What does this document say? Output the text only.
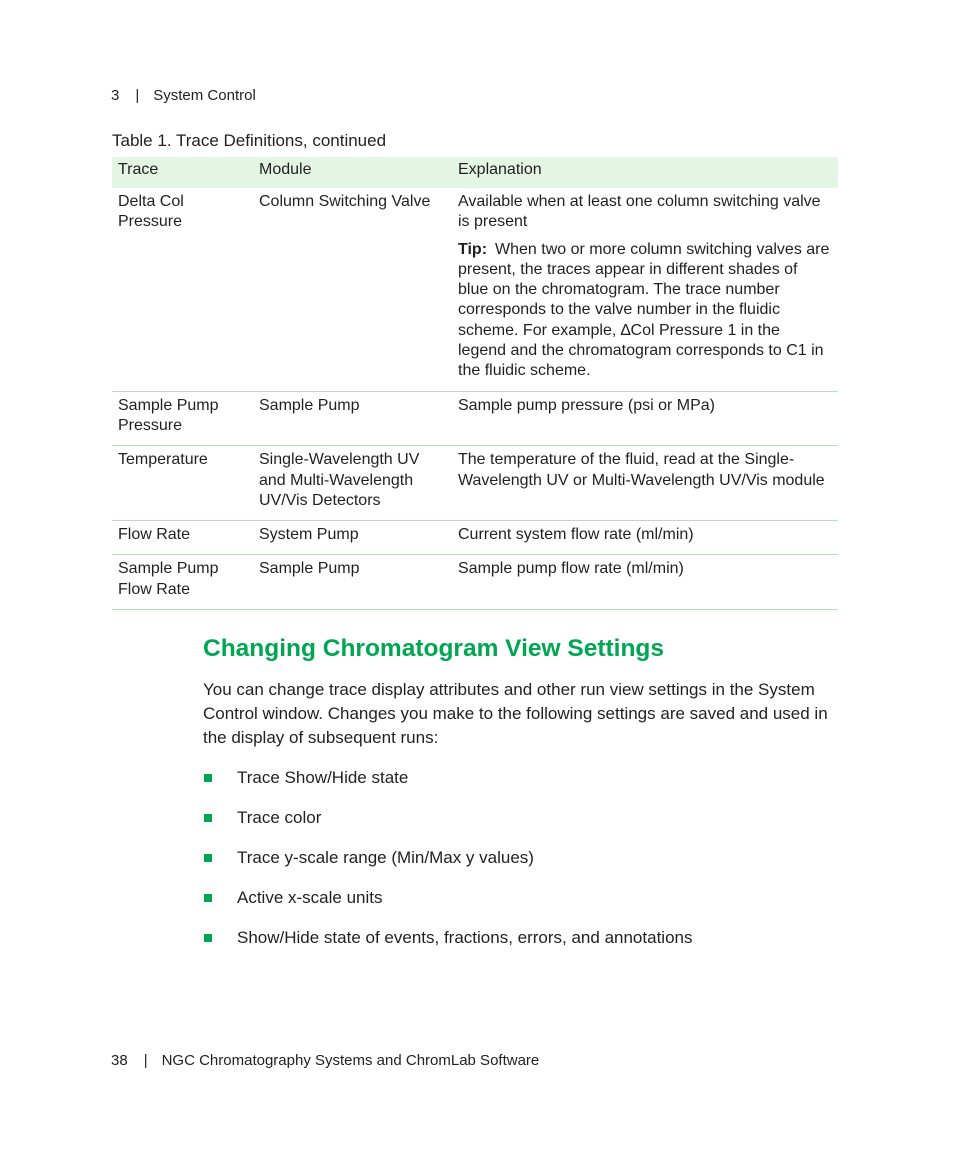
3 | System Control
Table 1. Trace Definitions, continued
Trace	Module	Explanation
Delta Col Pressure	Column Switching Valve	Available when at least one column switching valve is present

Tip: When two or more column switching valves are present, the traces appear in different shades of blue on the chromatogram. The trace number corresponds to the valve number in the fluidic scheme. For example, ∆Col Pressure 1 in the legend and the chromatogram corresponds to C1 in the fluidic scheme.

Sample Pump Pressure	Sample Pump	Sample pump pressure (psi or MPa)
Temperature	Single-Wavelength UV and Multi-Wavelength UV/Vis Detectors	The temperature of the fluid, read at the Single-Wavelength UV or Multi-Wavelength UV/Vis module
Flow Rate	System Pump	Current system flow rate (ml/min)
Sample Pump Flow Rate	Sample Pump	Sample pump flow rate (ml/min)
Changing Chromatogram View Settings

You can change trace display attributes and other run view settings in the System Control window. Changes you make to the following settings are saved and used in the display of subsequent runs:

Trace Show/Hide state
Trace color
Trace y-scale range (Min/Max y values)
Active x-scale units
Show/Hide state of events, fractions, errors, and annotations
38 | NGC Chromatography Systems and ChromLab Software
